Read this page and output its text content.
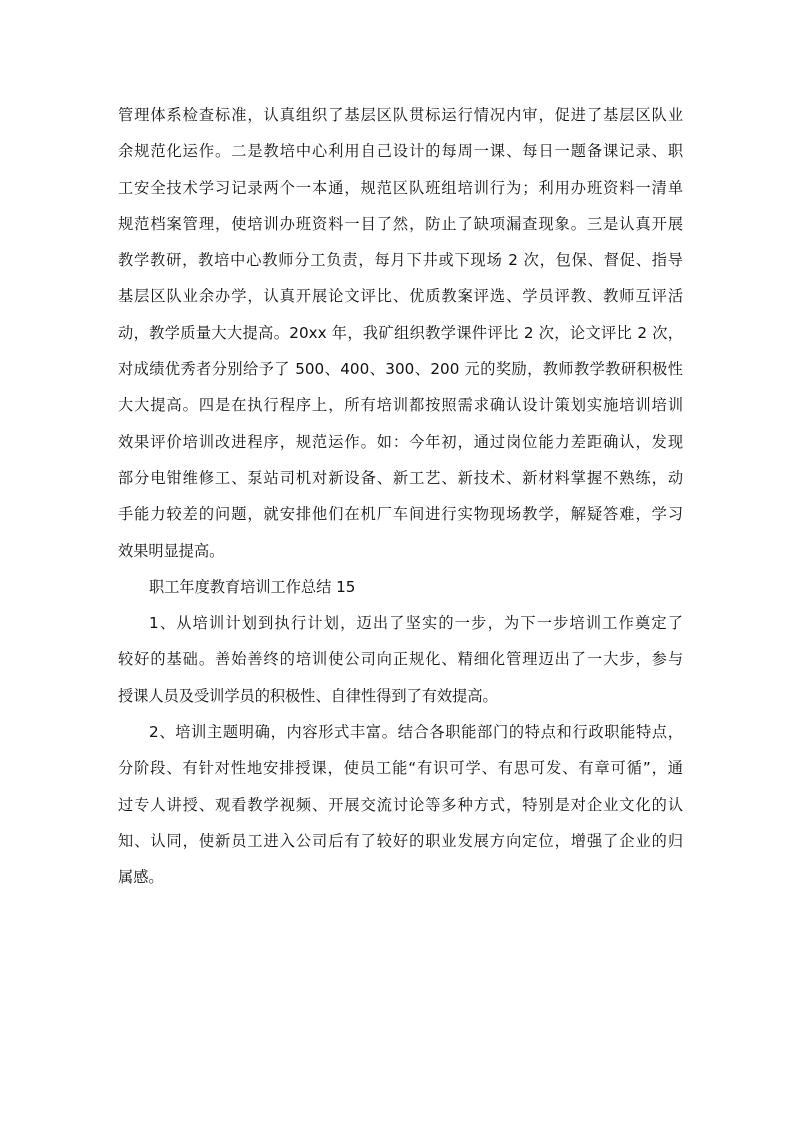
管理体系检查标准，认真组织了基层区队贯标运行情况内审，促进了基层区队业
余规范化运作。二是教培中心利用自己设计的每周一课、每日一题备课记录、职
工安全技术学习记录两个一本通，规范区队班组培训行为；利用办班资料一清单
规范档案管理，使培训办班资料一目了然，防止了缺项漏查现象。三是认真开展
教学教研，教培中心教师分工负责，每月下井或下现场 2 次，包保、督促、指导
基层区队业余办学，认真开展论文评比、优质教案评选、学员评教、教师互评活
动，教学质量大大提高。20xx 年，我矿组织教学课件评比 2 次，论文评比 2 次，
对成绩优秀者分别给予了 500、400、300、200 元的奖励，教师教学教研积极性
大大提高。四是在执行程序上，所有培训都按照需求确认设计策划实施培训培训
效果评价培训改进程序，规范运作。如：今年初，通过岗位能力差距确认，发现
部分电钳维修工、泵站司机对新设备、新工艺、新技术、新材料掌握不熟练，动
手能力较差的问题，就安排他们在机厂车间进行实物现场教学，解疑答难，学习
效果明显提高。
职工年度教育培训工作总结 15
1、从培训计划到执行计划，迈出了坚实的一步，为下一步培训工作奠定了
较好的基础。善始善终的培训使公司向正规化、精细化管理迈出了一大步，参与
授课人员及受训学员的积极性、自律性得到了有效提高。
2、培训主题明确，内容形式丰富。结合各职能部门的特点和行政职能特点，
分阶段、有针对性地安排授课，使员工能“有识可学、有思可发、有章可循”，通
过专人讲授、观看教学视频、开展交流讨论等多种方式，特别是对企业文化的认
知、认同，使新员工进入公司后有了较好的职业发展方向定位，增强了企业的归
属感。
